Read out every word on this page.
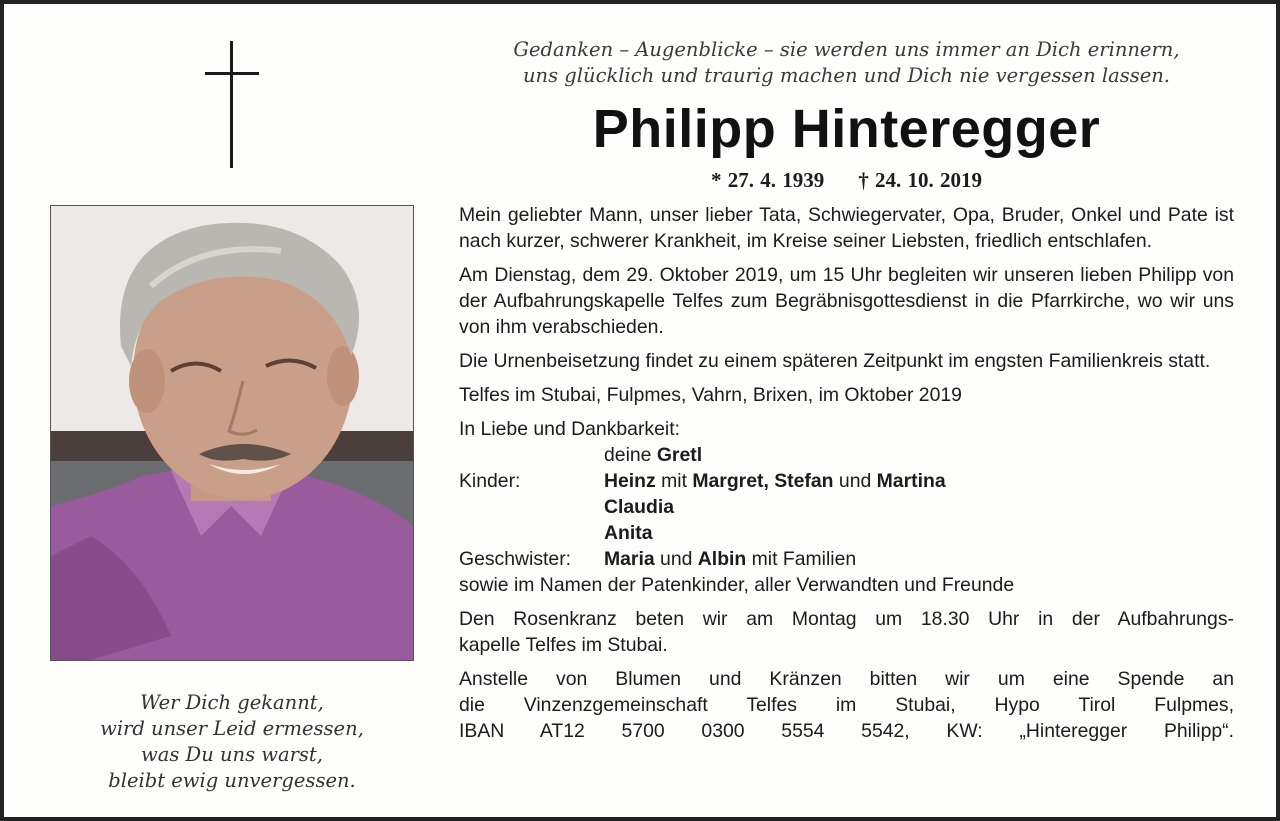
Wer Dich gekannt,
wird unser Leid ermessen,
was Du uns warst,
bleibt ewig unvergessen.
Gedanken – Augenblicke – sie werden uns immer an Dich erinnern,
uns glücklich und traurig machen und Dich nie vergessen lassen.
Philipp Hinteregger
* 27. 4. 1939 † 24. 10. 2019
Mein geliebter Mann, unser lieber Tata, Schwiegervater, Opa, Bruder, Onkel und Pate ist nach kurzer, schwerer Krankheit, im Kreise seiner Liebsten, friedlich entschlafen.
Am Dienstag, dem 29. Oktober 2019, um 15 Uhr begleiten wir unseren lieben Philipp von der Aufbahrungskapelle Telfes zum Begräbnisgottesdienst in die Pfarrkirche, wo wir uns von ihm verabschieden.
Die Urnenbeisetzung findet zu einem späteren Zeitpunkt im engsten Familienkreis statt.
Telfes im Stubai, Fulpmes, Vahrn, Brixen, im Oktober 2019
In Liebe und Dankbarkeit:
deine Gretl
Kinder:	Heinz mit Margret, Stefan und Martina
Claudia
Anita
Geschwister:	Maria und Albin mit Familien
sowie im Namen der Patenkinder, aller Verwandten und Freunde
Den Rosenkranz beten wir am Montag um 18.30 Uhr in der Aufbahrungs-
kapelle Telfes im Stubai.
Anstelle von Blumen und Kränzen bitten wir um eine Spende an
die Vinzenzgemeinschaft Telfes im Stubai, Hypo Tirol Fulpmes,
IBAN AT12 5700 0300 5554 5542, KW: „Hinteregger Philipp“.
